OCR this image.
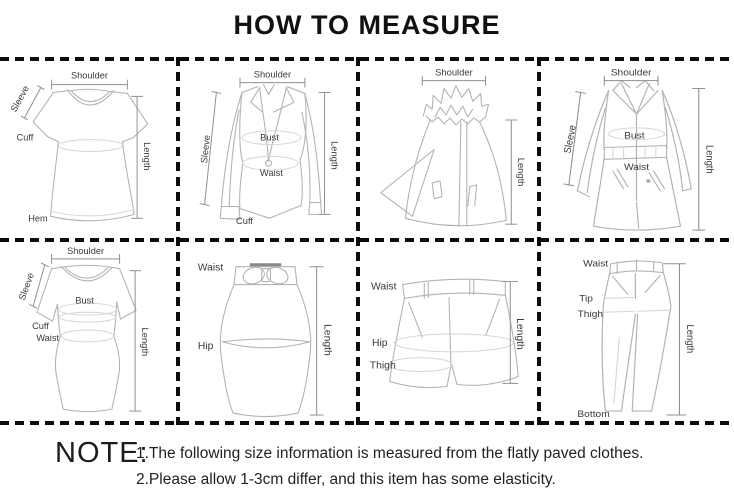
HOW TO MEASURE
Shoulder
Sleeve
Cuff
Length
Hem
Shoulder
Sleeve	Bust
Waist
Length
Cuff
Shoulder
Length
Shoulder
Sleeve	Bust
Waist	Length
Shoulder
Sleeve	Bust
Cuff
Waist	Length
Waist
Hip	Length
Waist
Hip
Thigh
Length
Waist
Tip
Thigh
Length
Bottom
NOTE:
1.The following size information is measured from the flatly paved clothes.
2.Please allow 1-3cm differ, and this item has some elasticity.
